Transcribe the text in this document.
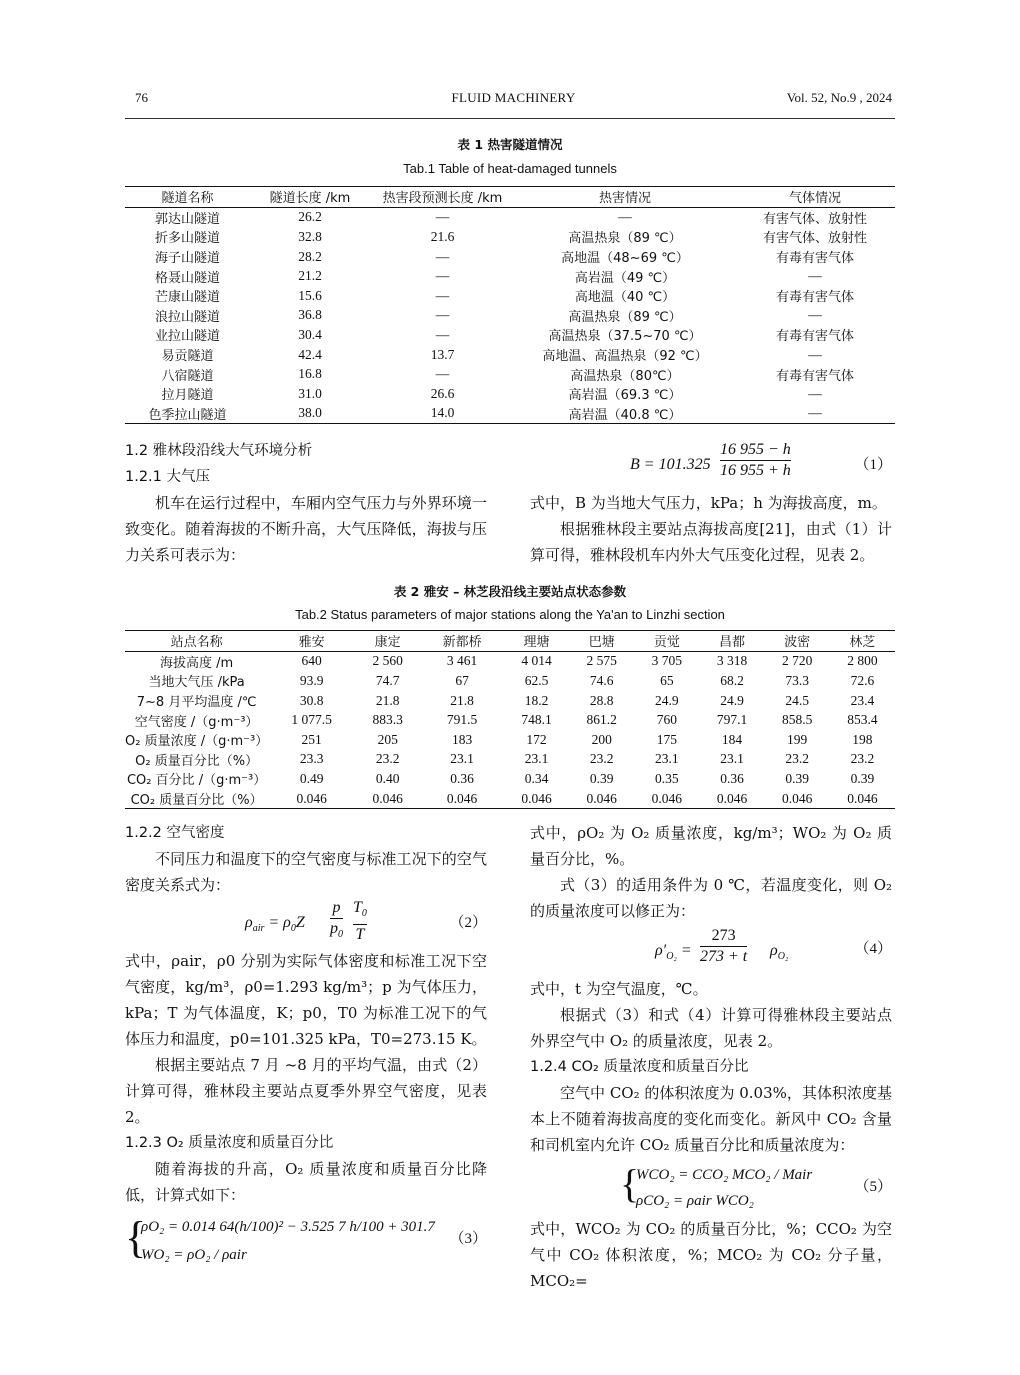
76	FLUID MACHINERY	Vol. 52, No.9 , 2024
表 1 热害隧道情况
Tab.1 Table of heat-damaged tunnels
隧道名称	隧道长度 /km	热害段预测长度 /km	热害情况	气体情况
郭达山隧道	26.2	—	—	有害气体、放射性
折多山隧道	32.8	21.6	高温热泉（89 ℃）	有害气体、放射性
海子山隧道	28.2	—	高地温（48~69 ℃）	有毒有害气体
格聂山隧道	21.2	—	高岩温（49 ℃）	—
芒康山隧道	15.6	—	高地温（40 ℃）	有毒有害气体
浪拉山隧道	36.8	—	高温热泉（89 ℃）	—
业拉山隧道	30.4	—	高温热泉（37.5~70 ℃）	有毒有害气体
易贡隧道	42.4	13.7	高地温、高温热泉（92 ℃）	—
八宿隧道	16.8	—	高温热泉（80℃）	有毒有害气体
拉月隧道	31.0	26.6	高岩温（69.3 ℃）	—
色季拉山隧道	38.0	14.0	高岩温（40.8 ℃）	—

1.2 雅林段沿线大气环境分析

1.2.1 大气压

机车在运行过程中，车厢内空气压力与外界环境一致变化。随着海拔的不断升高，大气压降低，海拔与压力关系可表示为：

$B = 101.325 \frac{16 955 - h}{16 955 + h}$	（1）

式中，B 为当地大气压力，kPa；h 为海拔高度，m。

根据雅林段主要站点海拔高度[21]，由式（1）计算可得，雅林段机车内外大气压变化过程，见表 2。

表 2 雅安 – 林芝段沿线主要站点状态参数
Tab.2 Status parameters of major stations along the Ya'an to Linzhi section
站点名称	雅安	康定	新都桥	理塘	巴塘	贡觉	昌都	波密	林芝
海拔高度 /m	640	2 560	3 461	4 014	2 575	3 705	3 318	2 720	2 800
当地大气压 /kPa	93.9	74.7	67	62.5	74.6	65	68.2	73.3	72.6
7~8 月平均温度 /℃	30.8	21.8	21.8	18.2	28.8	24.9	24.9	24.5	23.4
空气密度 /（g·m⁻³）	1 077.5	883.3	791.5	748.1	861.2	760	797.1	858.5	853.4
O₂ 质量浓度 /（g·m⁻³）	251	205	183	172	200	175	184	199	198
O₂ 质量百分比（%）	23.3	23.2	23.1	23.1	23.2	23.1	23.1	23.2	23.2
CO₂ 百分比 /（g·m⁻³）	0.49	0.40	0.36	0.34	0.39	0.35	0.36	0.39	0.39
CO₂ 质量百分比（%）	0.046	0.046	0.046	0.046	0.046	0.046	0.046	0.046	0.046

1.2.2 空气密度

不同压力和温度下的空气密度与标准工况下的空气密度关系式为：

$\rho_{air} = \rho_0Z \frac{p}{p_0} \frac{T_0}{T}$	（2）

式中，ρair，ρ0 分别为实际气体密度和标准工况下空气密度，kg/m³，ρ0=1.293 kg/m³；p 为气体压力，kPa；T 为气体温度，K；p0，T0 为标准工况下的气体压力和温度，p0=101.325 kPa，T0=273.15 K。

根据主要站点 7 月 ~8 月的平均气温，由式（2）计算可得，雅林段主要站点夏季外界空气密度，见表 2。

1.2.3 O₂ 质量浓度和质量百分比

随着海拔的升高，O₂ 质量浓度和质量百分比降低，计算式如下：

{
ρO₂ = 0.014 64(h/100)² − 3.525 7 h/100 + 301.7
WO₂ = ρO₂ / ρair
（3）

式中，ρO₂ 为 O₂ 质量浓度，kg/m³；WO₂ 为 O₂ 质量百分比，%。

式（3）的适用条件为 0 ℃，若温度变化，则 O₂ 的质量浓度可以修正为：

$\rho'_{O_2} = \frac{273}{273 + t} \rho_{O_2}$	（4）

式中，t 为空气温度，℃。

根据式（3）和式（4）计算可得雅林段主要站点外界空气中 O₂ 的质量浓度，见表 2。

1.2.4 CO₂ 质量浓度和质量百分比

空气中 CO₂ 的体积浓度为 0.03%，其体积浓度基本上不随着海拔高度的变化而变化。新风中 CO₂ 含量和司机室内允许 CO₂ 质量百分比和质量浓度为：

{
WCO₂ = CCO₂ MCO₂ / Mair
ρCO₂ = ρair WCO₂
（5）

式中，WCO₂ 为 CO₂ 的质量百分比，%；CCO₂ 为空气中 CO₂ 体积浓度，%；MCO₂ 为 CO₂ 分子量，MCO₂=
